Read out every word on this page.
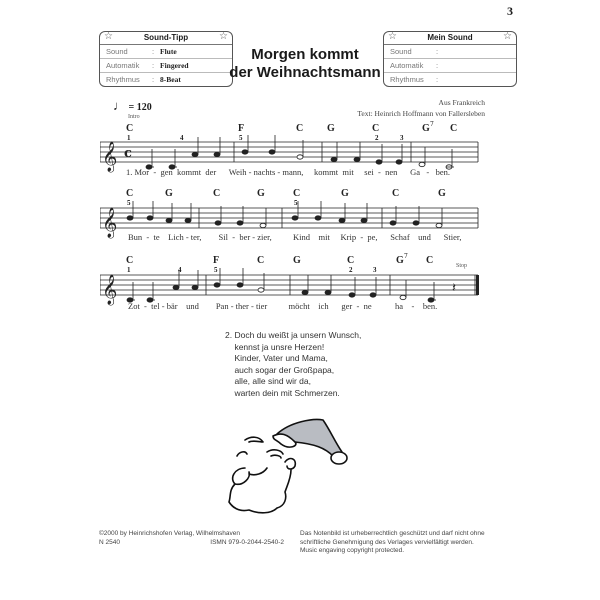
3
☆	Sound-Tipp	☆
Sound	: Flute
Automatik	: Fingered
Rhythmus	: 8-Beat
☆	Mein Sound	☆
Sound	:
Automatik	:
Rhythmus	:
Morgen kommt
der Weihnachtsmann
♩ = 120	Aus Frankreich
Text: Heinrich Hoffmann von Fallersleben
Intro
C	F	C G	C	G 7 C
1	4	5	2	3
𝄞 c
1. Mor  -  gen  kommt  der      Weih - nachts - mann,     kommt  mit     sei  -  nen      Ga   -   ben.
C	G	C	G	C	G	C	G
5	5
𝄞 Bun  -  te    Lich - ter,        Sil  -  ber - zier,          Kind    mit     Krip  -  pe,      Schaf    und      Stier,
Stop
C	F	C	G	C	G 7 C
1	4	5	2	3
𝄞	𝄽
Zot  -  tel - bär    und        Pan - ther - tier          möcht    ich      ger  -  ne           ha    -    ben.
2. Doch du weißt ja unsern Wunsch,
kennst ja unsre Herzen!
Kinder, Vater und Mama,
auch sogar der Großpapa,
alle, alle sind wir da,
warten dein mit Schmerzen.
©2000 by Heinrichshofen Verlag, Wilhelmshaven
N 2540	ISMN 979-0-2044-2540-2
Das Notenbild ist urheberrechtlich geschützt und darf nicht ohne
schriftliche Genehmigung des Verlages vervielfältigt werden.
Music engaving copyright protected.
